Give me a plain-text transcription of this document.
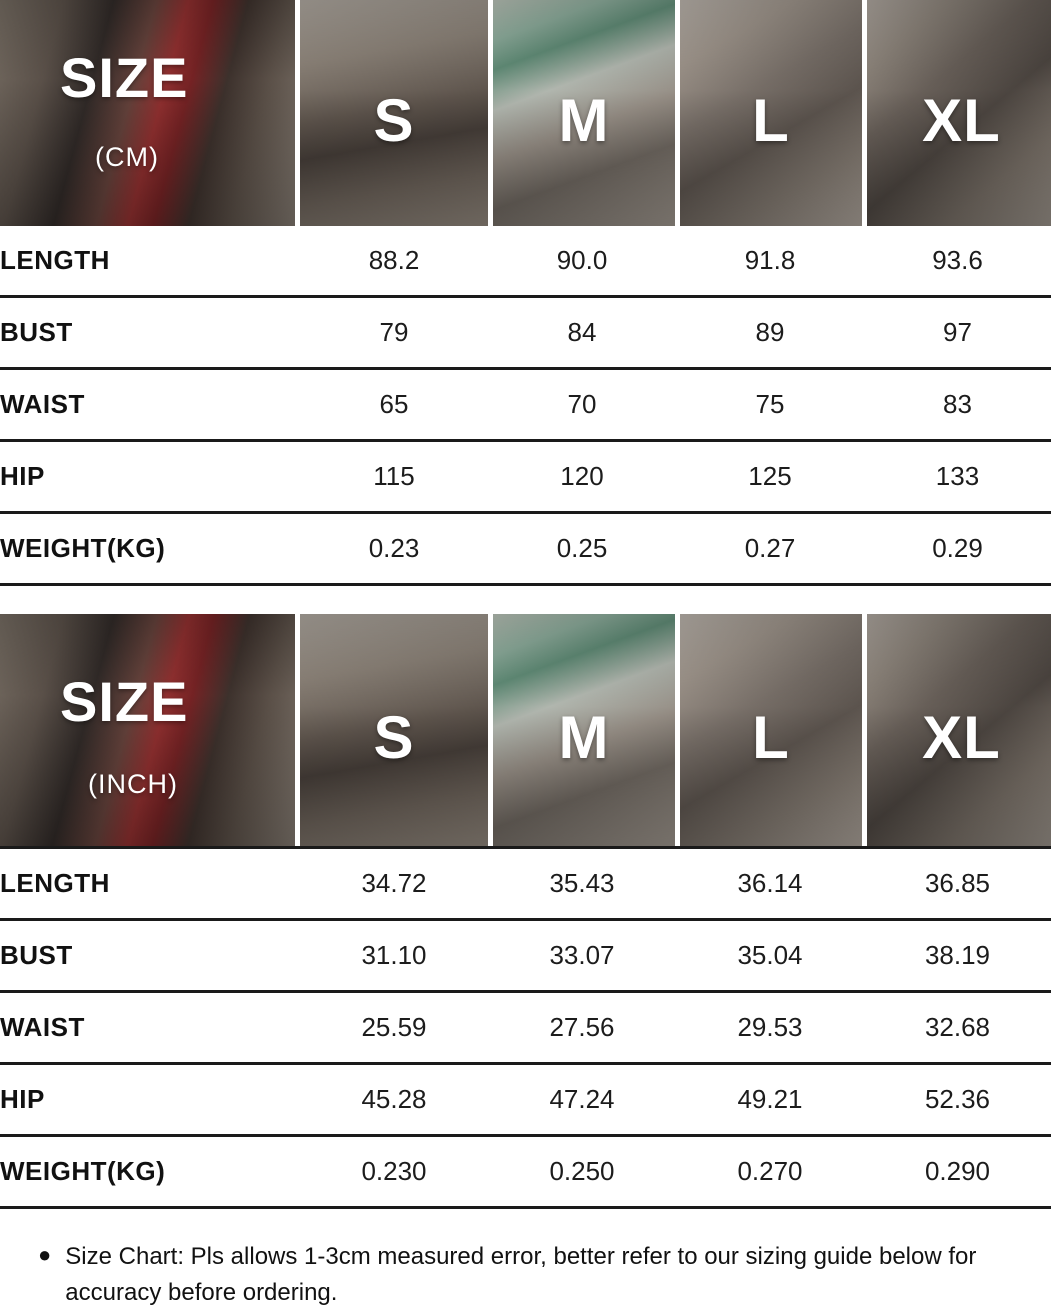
SIZE
(CM)
S M L XL
LENGTH	88.2	90.0	91.8	93.6
BUST	79	84	89	97
WAIST	65	70	75	83
HIP	115	120	125	133
WEIGHT(KG)	0.23	0.25	0.27	0.29
SIZE
(INCH)
S M L XL
LENGTH	34.72	35.43	36.14	36.85
BUST	31.10	33.07	35.04	38.19
WAIST	25.59	27.56	29.53	32.68
HIP	45.28	47.24	49.21	52.36
WEIGHT(KG)	0.230	0.250	0.270	0.290
● Size Chart: Pls allows 1-3cm measured error, better refer to our sizing guide below for accuracy before ordering.
